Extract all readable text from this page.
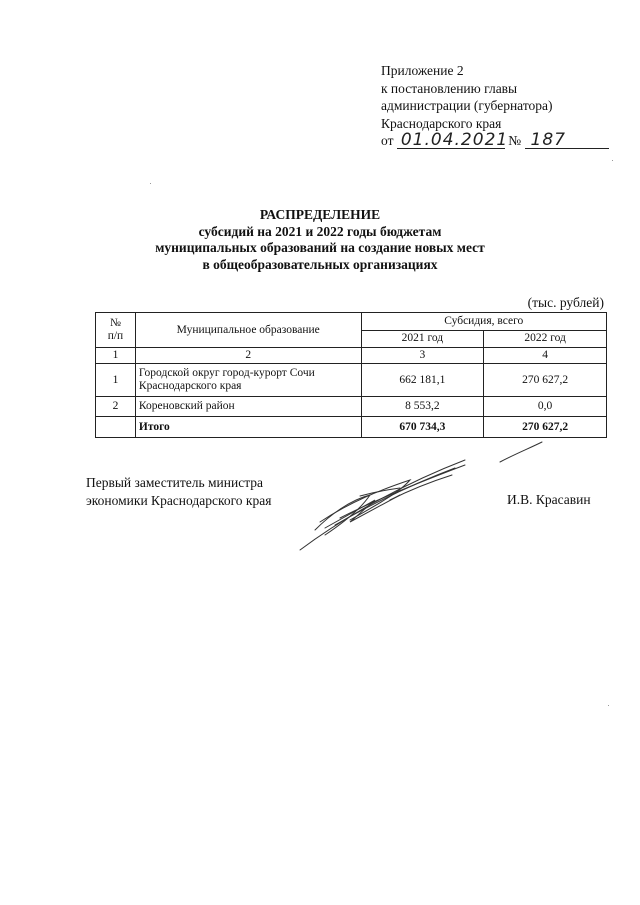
Приложение 2
к постановлению главы
администрации (губернатора)
Краснодарского края
от 01.04.2021 № 187
РАСПРЕДЕЛЕНИЕ
субсидий на 2021 и 2022 годы бюджетам
муниципальных образований на создание новых мест
в общеобразовательных организациях
(тыс. рублей)
№
п/п	Муниципальное образование	Субсидия, всего	
		2021 год	2022 год
1	2	3	4
1	Городской округ город-курорт Сочи Краснодарского края	662 181,1	270 627,2
2	Кореновский район	8 553,2	0,0
	Итого	670 734,3	270 627,2
Первый заместитель министра
экономики Краснодарского края	И.В. Красавин
